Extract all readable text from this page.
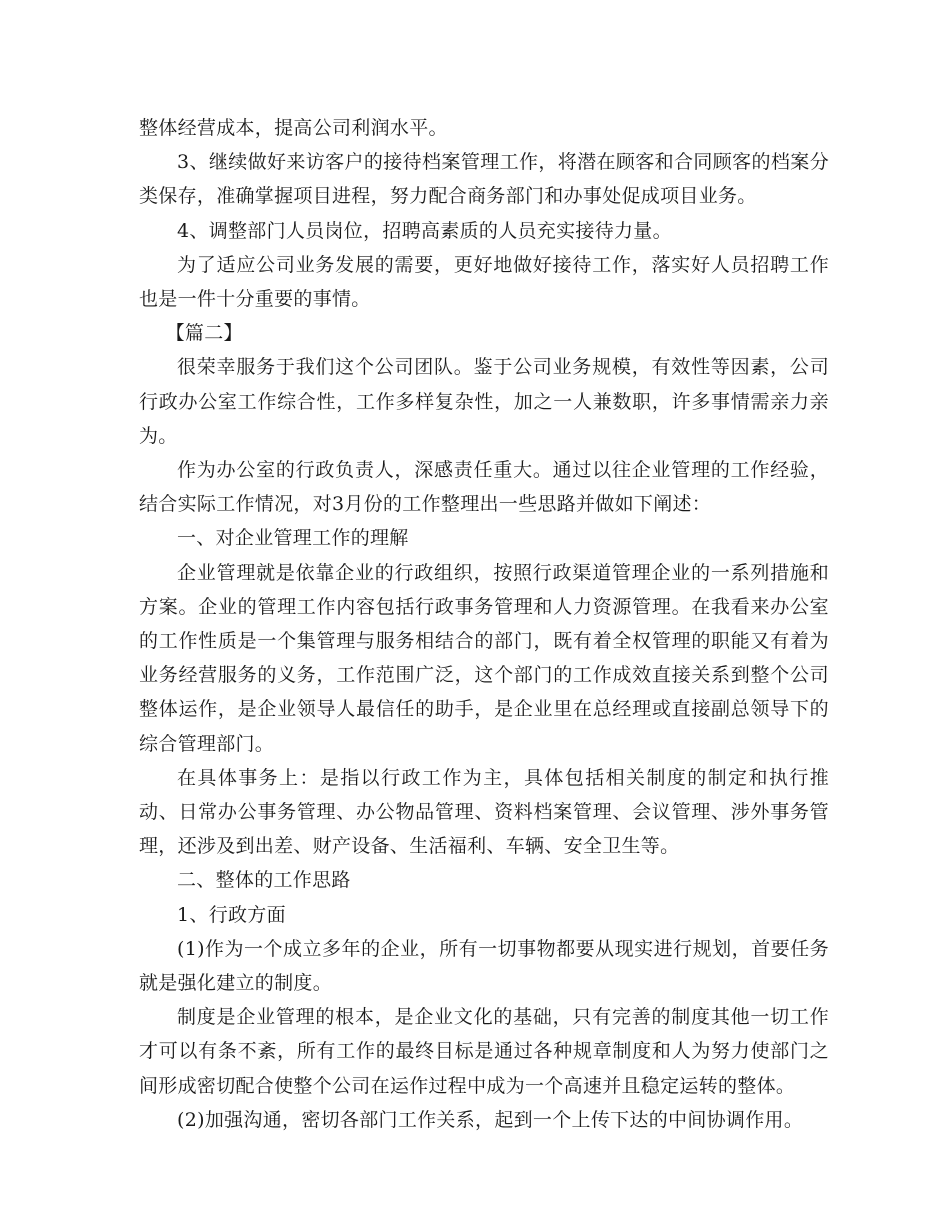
整体经营成本，提高公司利润水平。

3、继续做好来访客户的接待档案管理工作，将潜在顾客和合同顾客的档案分类保存，准确掌握项目进程，努力配合商务部门和办事处促成项目业务。

4、调整部门人员岗位，招聘高素质的人员充实接待力量。

为了适应公司业务发展的需要，更好地做好接待工作，落实好人员招聘工作也是一件十分重要的事情。

【篇二】

很荣幸服务于我们这个公司团队。鉴于公司业务规模，有效性等因素，公司行政办公室工作综合性，工作多样复杂性，加之一人兼数职，许多事情需亲力亲为。

作为办公室的行政负责人，深感责任重大。通过以往企业管理的工作经验，结合实际工作情况，对3月份的工作整理出一些思路并做如下阐述：

一、对企业管理工作的理解

企业管理就是依靠企业的行政组织，按照行政渠道管理企业的一系列措施和方案。企业的管理工作内容包括行政事务管理和人力资源管理。在我看来办公室的工作性质是一个集管理与服务相结合的部门，既有着全权管理的职能又有着为业务经营服务的义务，工作范围广泛，这个部门的工作成效直接关系到整个公司整体运作，是企业领导人最信任的助手，是企业里在总经理或直接副总领导下的综合管理部门。

在具体事务上：是指以行政工作为主，具体包括相关制度的制定和执行推动、日常办公事务管理、办公物品管理、资料档案管理、会议管理、涉外事务管理，还涉及到出差、财产设备、生活福利、车辆、安全卫生等。

二、整体的工作思路

1、行政方面

(1)作为一个成立多年的企业，所有一切事物都要从现实进行规划，首要任务就是强化建立的制度。

制度是企业管理的根本，是企业文化的基础，只有完善的制度其他一切工作才可以有条不紊，所有工作的最终目标是通过各种规章制度和人为努力使部门之间形成密切配合使整个公司在运作过程中成为一个高速并且稳定运转的整体。

(2)加强沟通，密切各部门工作关系，起到一个上传下达的中间协调作用。
